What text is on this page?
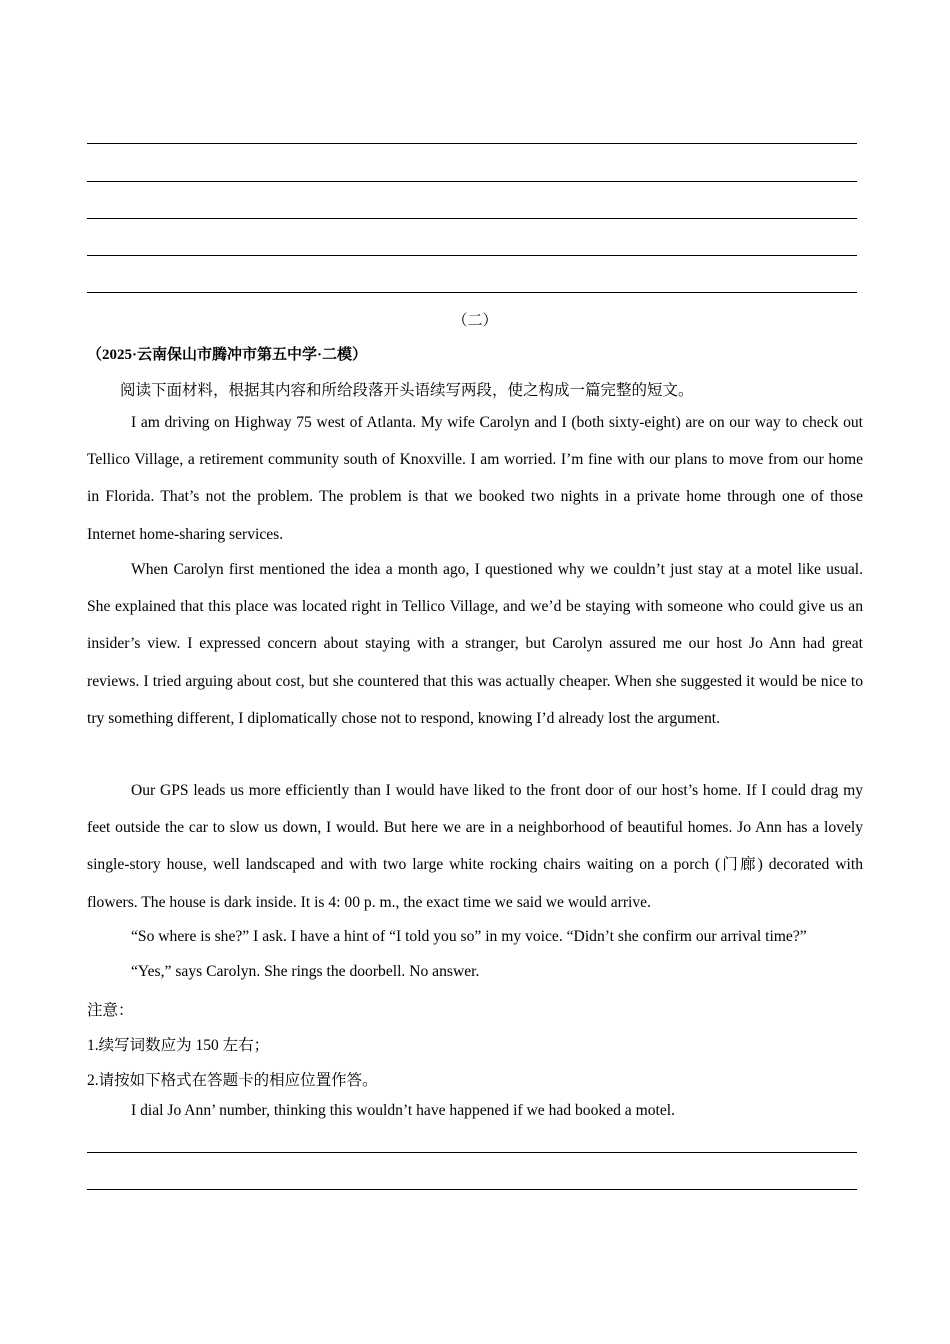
（二）
（2025·云南保山市腾冲市第五中学·二模）
阅读下面材料，根据其内容和所给段落开头语续写两段，使之构成一篇完整的短文。

I am driving on Highway 75 west of Atlanta. My wife Carolyn and I (both sixty-eight) are on our way to check out Tellico Village, a retirement community south of Knoxville. I am worried. I’m fine with our plans to move from our home in Florida. That’s not the problem. The problem is that we booked two nights in a private home through one of those Internet home-sharing services.

When Carolyn first mentioned the idea a month ago, I questioned why we couldn’t just stay at a motel like usual. She explained that this place was located right in Tellico Village, and we’d be staying with someone who could give us an insider’s view. I expressed concern about staying with a stranger, but Carolyn assured me our host Jo Ann had great reviews. I tried arguing about cost, but she countered that this was actually cheaper. When she suggested it would be nice to try something different, I diplomatically chose not to respond, knowing I’d already lost the argument.

Our GPS leads us more efficiently than I would have liked to the front door of our host’s home. If I could drag my feet outside the car to slow us down, I would. But here we are in a neighborhood of beautiful homes. Jo Ann has a lovely single-story house, well landscaped and with two large white rocking chairs waiting on a porch (门廊) decorated with flowers. The house is dark inside. It is 4: 00 p. m., the exact time we said we would arrive.

“So where is she?” I ask. I have a hint of “I told you so” in my voice. “Didn’t she confirm our arrival time?”

“Yes,” says Carolyn. She rings the doorbell. No answer.

注意：

1.续写词数应为 150 左右；

2.请按如下格式在答题卡的相应位置作答。

I dial Jo Ann’ number, thinking this wouldn’t have happened if we had booked a motel.
